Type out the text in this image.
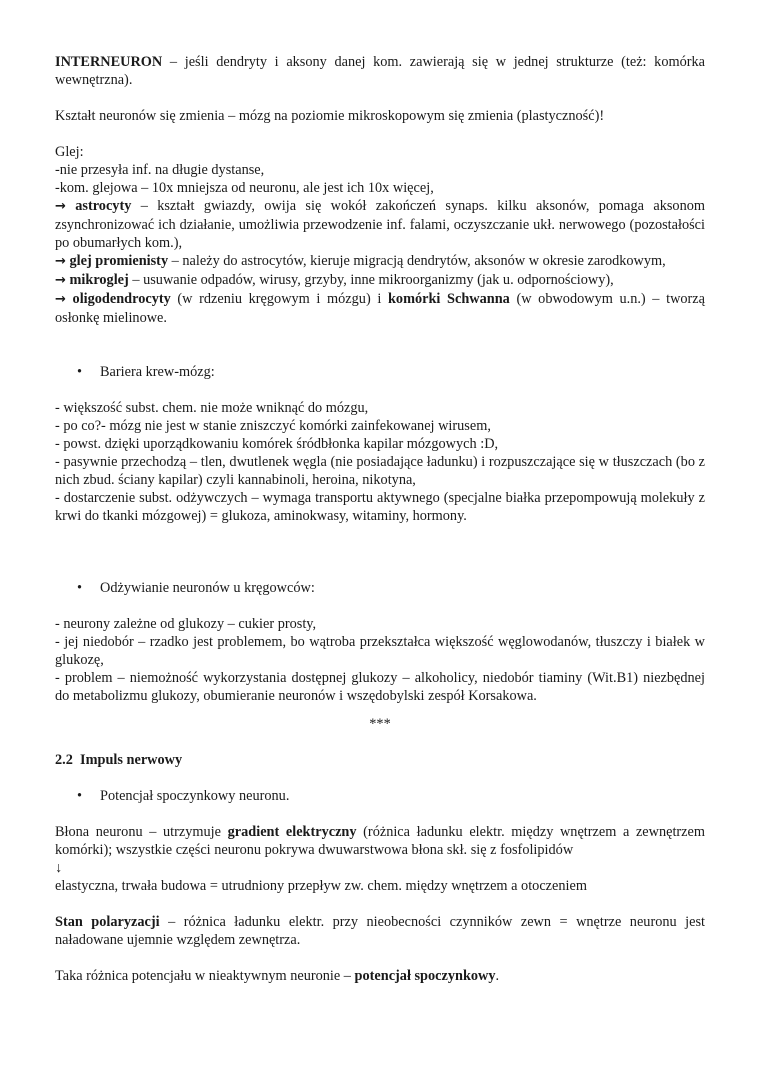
INTERNEURON – jeśli dendryty i aksony danej kom. zawierają się w jednej strukturze (też: komórka wewnętrzna).

Kształt neuronów się zmienia – mózg na poziomie mikroskopowym się zmienia (plastyczność)!

Glej:

-nie przesyła inf. na długie dystanse,

-kom. glejowa – 10x mniejsza od neuronu, ale jest ich 10x więcej,

→ astrocyty – kształt gwiazdy, owija się wokół zakończeń synaps. kilku aksonów, pomaga aksonom zsynchronizować ich działanie, umożliwia przewodzenie inf. falami, oczyszczanie ukł. nerwowego (pozostałości po obumarłych kom.),

→ glej promienisty – należy do astrocytów, kieruje migracją dendrytów, aksonów w okresie zarodkowym,

→ mikroglej – usuwanie odpadów, wirusy, grzyby, inne mikroorganizmy (jak u. odpornościowy),

→ oligodendrocyty (w rdzeniu kręgowym i mózgu) i komórki Schwanna (w obwodowym u.n.) – tworzą osłonkę mielinowe.

• Bariera krew-mózg:

- większość subst. chem. nie może wniknąć do mózgu,

- po co?- mózg nie jest w stanie zniszczyć komórki zainfekowanej wirusem,

- powst. dzięki uporządkowaniu komórek śródbłonka kapilar mózgowych :D,

- pasywnie przechodzą – tlen, dwutlenek węgla (nie posiadające ładunku) i rozpuszczające się w tłuszczach (bo z nich zbud. ściany kapilar) czyli kannabinoli, heroina, nikotyna,

- dostarczenie subst. odżywczych – wymaga transportu aktywnego (specjalne białka przepompowują molekuły z krwi do tkanki mózgowej) = glukoza, aminokwasy, witaminy, hormony.

• Odżywianie neuronów u kręgowców:

- neurony zależne od glukozy – cukier prosty,

- jej niedobór – rzadko jest problemem, bo wątroba przekształca większość węglowodanów, tłuszczy i białek w glukozę,

- problem – niemożność wykorzystania dostępnej glukozy – alkoholicy, niedobór tiaminy (Wit.B1) niezbędnej do metabolizmu glukozy, obumieranie neuronów i wszędobylski zespół Korsakowa.

***

2.2 Impuls nerwowy

• Potencjał spoczynkowy neuronu.

Błona neuronu – utrzymuje gradient elektryczny (różnica ładunku elektr. między wnętrzem a zewnętrzem komórki); wszystkie części neuronu pokrywa dwuwarstwowa błona skł. się z fosfolipidów

↓

elastyczna, trwała budowa = utrudniony przepływ zw. chem. między wnętrzem a otoczeniem

Stan polaryzacji – różnica ładunku elektr. przy nieobecności czynników zewn = wnętrze neuronu jest naładowane ujemnie względem zewnętrza.

Taka różnica potencjału w nieaktywnym neuronie – potencjał spoczynkowy.
